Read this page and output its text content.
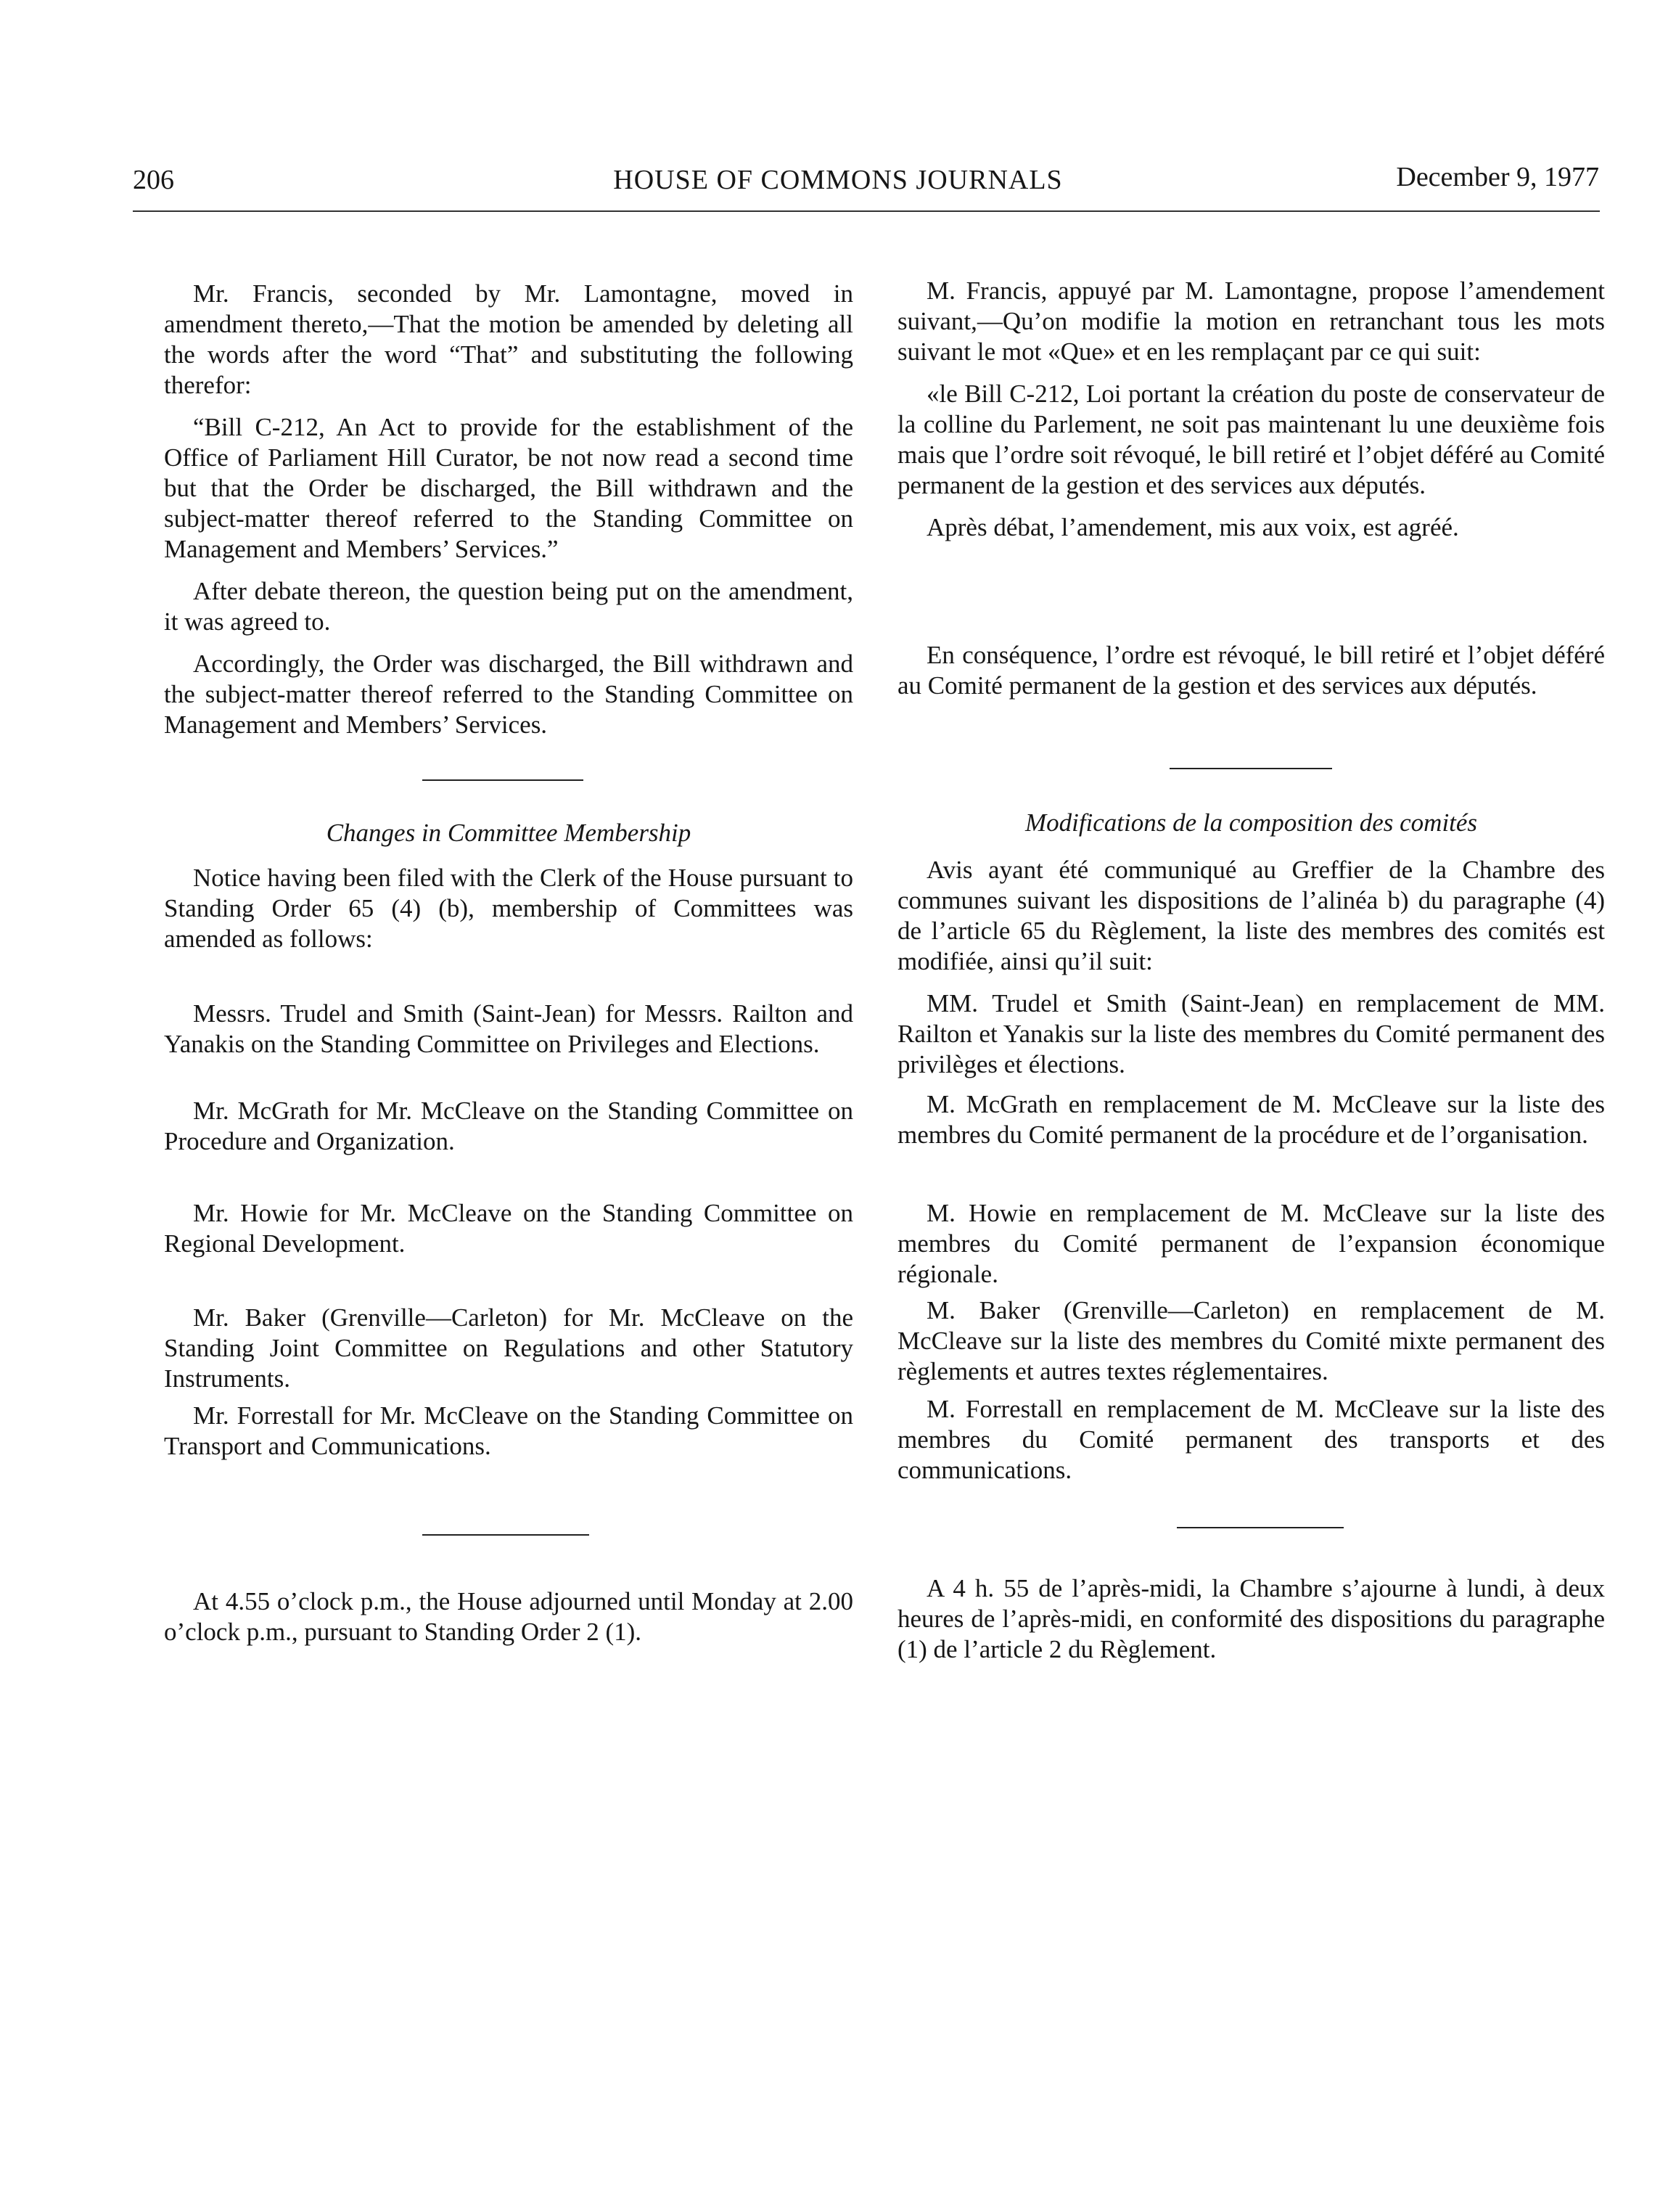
206	HOUSE OF COMMONS JOURNALS	December 9, 1977

Mr. Francis, seconded by Mr. Lamontagne, moved in amendment thereto,—That the motion be amended by deleting all the words after the word “That” and substituting the following therefor:

“Bill C-212, An Act to provide for the establishment of the Office of Parliament Hill Curator, be not now read a second time but that the Order be discharged, the Bill withdrawn and the subject-matter thereof referred to the Standing Committee on Management and Members’ Services.”

After debate thereon, the question being put on the amendment, it was agreed to.

Accordingly, the Order was discharged, the Bill withdrawn and the subject-matter thereof referred to the Standing Committee on Management and Members’ Services.

Changes in Committee Membership

Notice having been filed with the Clerk of the House pursuant to Standing Order 65 (4) (b), membership of Committees was amended as follows:

Messrs. Trudel and Smith (Saint-Jean) for Messrs. Railton and Yanakis on the Standing Committee on Privileges and Elections.

Mr. McGrath for Mr. McCleave on the Standing Committee on Procedure and Organization.

Mr. Howie for Mr. McCleave on the Standing Committee on Regional Development.

Mr. Baker (Grenville—Carleton) for Mr. McCleave on the Standing Joint Committee on Regulations and other Statutory Instruments.

Mr. Forrestall for Mr. McCleave on the Standing Committee on Transport and Communications.

At 4.55 o’clock p.m., the House adjourned until Monday at 2.00 o’clock p.m., pursuant to Standing Order 2 (1).

M. Francis, appuyé par M. Lamontagne, propose l’amendement suivant,—Qu’on modifie la motion en retranchant tous les mots suivant le mot «Que» et en les remplaçant par ce qui suit:

«le Bill C-212, Loi portant la création du poste de conservateur de la colline du Parlement, ne soit pas maintenant lu une deuxième fois mais que l’ordre soit révoqué, le bill retiré et l’objet déféré au Comité permanent de la gestion et des services aux députés.

Après débat, l’amendement, mis aux voix, est agréé.

En conséquence, l’ordre est révoqué, le bill retiré et l’objet déféré au Comité permanent de la gestion et des services aux députés.

Modifications de la composition des comités

Avis ayant été communiqué au Greffier de la Chambre des communes suivant les dispositions de l’alinéa b) du paragraphe (4) de l’article 65 du Règlement, la liste des membres des comités est modifiée, ainsi qu’il suit:

MM. Trudel et Smith (Saint-Jean) en remplacement de MM. Railton et Yanakis sur la liste des membres du Comité permanent des privilèges et élections.

M. McGrath en remplacement de M. McCleave sur la liste des membres du Comité permanent de la procédure et de l’organisation.

M. Howie en remplacement de M. McCleave sur la liste des membres du Comité permanent de l’expansion économique régionale.

M. Baker (Grenville—Carleton) en remplacement de M. McCleave sur la liste des membres du Comité mixte permanent des règlements et autres textes réglementaires.

M. Forrestall en remplacement de M. McCleave sur la liste des membres du Comité permanent des transports et des communications.

A 4 h. 55 de l’après-midi, la Chambre s’ajourne à lundi, à deux heures de l’après-midi, en conformité des dispositions du paragraphe (1) de l’article 2 du Règlement.
